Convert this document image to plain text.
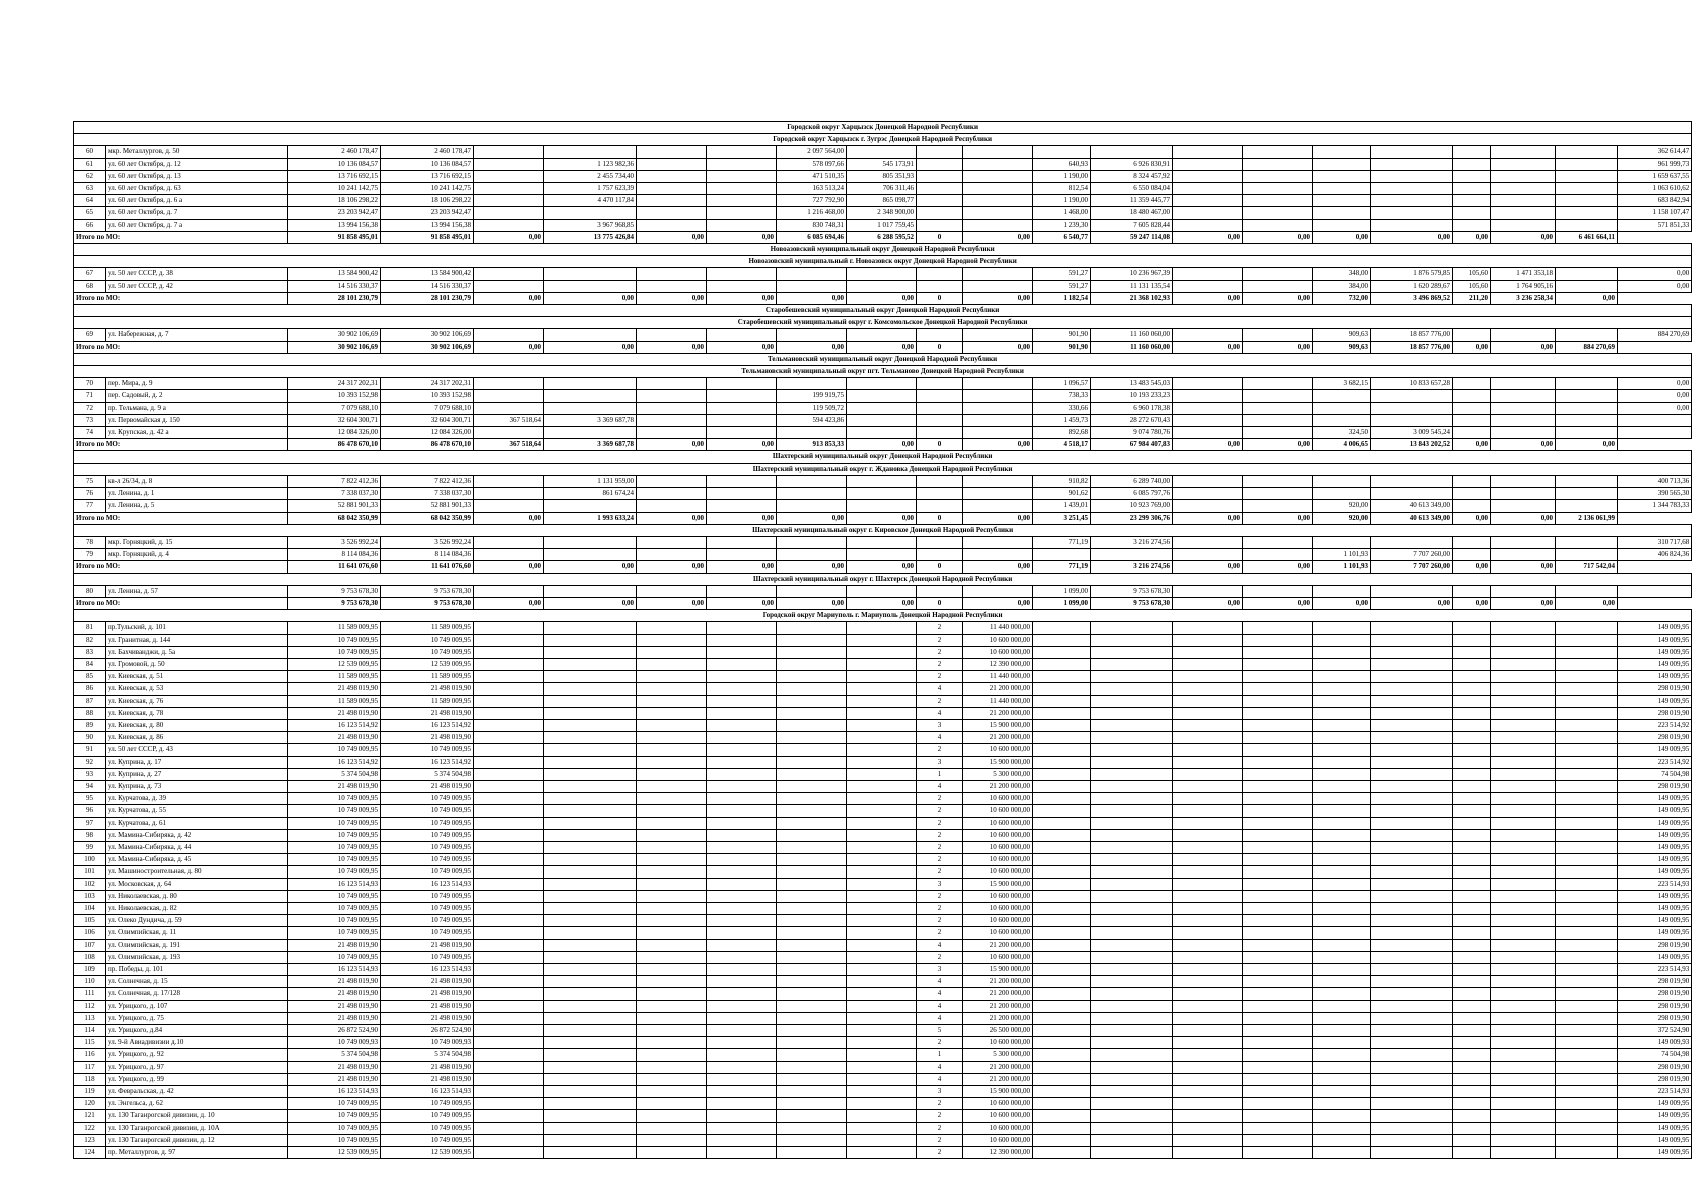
Городской округ Харцызск Донецкой Народной Республики																					
Городской округ Харцызск г. Зугрэс Донецкой Народной Республики																					
60	мкр. Металлургов, д. 50	2 460 178,47	2 460 178,47					2 097 564,00													362 614,47
61	ул. 60 лет Октября, д. 12	10 136 084,57	10 136 084,57		1 123 982,36			578 097,66	545 173,91			640,93	6 926 830,91								961 999,73
62	ул. 60 лет Октября, д. 13	13 716 692,15	13 716 692,15		2 455 734,40			471 510,35	805 351,93			1 190,00	8 324 457,92								1 659 637,55
63	ул. 60 лет Октября, д. 63	10 241 142,75	10 241 142,75		1 757 623,39			163 513,24	706 311,46			812,54	6 550 084,04								1 063 610,62
64	ул. 60 лет Октября, д. 6 а	18 106 298,22	18 106 298,22		4 470 117,84			727 792,90	865 098,77			1 190,00	11 359 445,77								683 842,94
65	ул. 60 лет Октября, д. 7	23 203 942,47	23 203 942,47					1 216 468,00	2 348 900,00			1 468,00	18 480 467,00								1 158 107,47
66	ул. 60 лет Октября, д. 7 а	13 994 156,38	13 994 156,38		3 967 968,85			830 748,31	1 017 759,45			1 239,30	7 605 828,44								571 851,33
Итого по МО:		91 858 495,01	91 858 495,01	0,00	13 775 426,84	0,00	0,00	6 085 694,46	6 288 595,52	0	0,00	6 540,77	59 247 114,08	0,00	0,00	0,00	0,00	0,00	0,00	6 461 664,11	
Новоазовский муниципальный округ Донецкой Народной Республики																					
Новоазовский муниципальный г. Новоазовск округ Донецкой Народной Республики																					
67	ул. 50 лет СССР, д. 38	13 584 900,42	13 584 900,42									591,27	10 236 967,39			348,00	1 876 579,85	105,60	1 471 353,18		0,00
68	ул. 50 лет СССР, д. 42	14 516 330,37	14 516 330,37									591,27	11 131 135,54			384,00	1 620 289,67	105,60	1 764 905,16		0,00
Итого по МО:		28 101 230,79	28 101 230,79	0,00	0,00	0,00	0,00	0,00	0,00	0	0,00	1 182,54	21 368 102,93	0,00	0,00	732,00	3 496 869,52	211,20	3 236 258,34	0,00	
Старобешевский муниципальный округ Донецкой Народной Республики																					
Старобешевский муниципальный округ г. Комсомольское Донецкой Народной Республики																					
69	ул. Набережная, д. 7	30 902 106,69	30 902 106,69									901,90	11 160 060,00			909,63	18 857 776,00				884 270,69
Итого по МО:		30 902 106,69	30 902 106,69	0,00	0,00	0,00	0,00	0,00	0,00	0	0,00	901,90	11 160 060,00	0,00	0,00	909,63	18 857 776,00	0,00	0,00	884 270,69	
Тельмановский муниципальный округ Донецкой Народной Республики																					
Тельмановский муниципальный округ пгт. Тельманово Донецкой Народной Республики																					
70	пер. Мира, д. 9	24 317 202,31	24 317 202,31									1 096,57	13 483 545,03			3 682,15	10 833 657,28				0,00
71	пер. Садовый, д. 2	10 393 152,98	10 393 152,98					199 919,75				738,33	10 193 233,23								0,00
72	пр. Тельмана, д. 9 а	7 079 688,10	7 079 688,10					119 509,72				330,66	6 960 178,38								0,00
73	ул. Первомайская д. 150	32 604 300,71	32 604 300,71	367 518,64	3 369 687,78			594 423,86				1 459,73	28 272 670,43								
74	ул. Крупская, д. 42 а	12 084 326,00	12 084 326,00									892,68	9 074 780,76			324,50	3 009 545,24				
Итого по МО:		86 478 670,10	86 478 670,10	367 518,64	3 369 687,78	0,00	0,00	913 853,33	0,00	0	0,00	4 518,17	67 984 407,83	0,00	0,00	4 006,65	13 843 202,52	0,00	0,00	0,00	
Шахтерский муниципальный округ Донецкой Народной Республики																					
Шахтерский муниципальный округ г. Ждановка Донецкой Народной Республики																					
75	кв-л 26/34, д. 8	7 822 412,36	7 822 412,36		1 131 959,00							910,82	6 289 740,00								400 713,36
76	ул. Ленина, д. 1	7 338 037,30	7 338 037,30		861 674,24							901,62	6 085 797,76								390 565,30
77	ул. Ленина, д. 5	52 881 901,33	52 881 901,33									1 439,01	10 923 769,00			920,00	40 613 349,00				1 344 783,33
Итого по МО:		68 042 350,99	68 042 350,99	0,00	1 993 633,24	0,00	0,00	0,00	0,00	0	0,00	3 251,45	23 299 306,76	0,00	0,00	920,00	40 613 349,00	0,00	0,00	2 136 061,99	
Шахтерский муниципальный округ г. Кировское Донецкой Народной Республики																					
78	мкр. Горняцкий, д. 15	3 526 992,24	3 526 992,24									771,19	3 216 274,56								310 717,68
79	мкр. Горняцкий, д. 4	8 114 084,36	8 114 084,36													1 101,93	7 707 260,00				406 824,36
Итого по МО:		11 641 076,60	11 641 076,60	0,00	0,00	0,00	0,00	0,00	0,00	0	0,00	771,19	3 216 274,56	0,00	0,00	1 101,93	7 707 260,00	0,00	0,00	717 542,04	
Шахтерский муниципальный округ г. Шахтерск Донецкой Народной Республики																					
80	ул. Ленина, д. 57	9 753 678,30	9 753 678,30									1 099,00	9 753 678,30								
Итого по МО:		9 753 678,30	9 753 678,30	0,00	0,00	0,00	0,00	0,00	0,00	0	0,00	1 099,00	9 753 678,30	0,00	0,00	0,00	0,00	0,00	0,00	0,00	
Городской округ Мариуполь г. Мариуполь Донецкой Народной Республики																					
81	пр.Тульский, д. 101	11 589 009,95	11 589 009,95							2	11 440 000,00										149 009,95
82	ул. Гранитная, д. 144	10 749 009,95	10 749 009,95							2	10 600 000,00										149 009,95
83	ул. Бахчиванджи, д. 5а	10 749 009,95	10 749 009,95							2	10 600 000,00										149 009,95
84	ул. Громовой, д. 50	12 539 009,95	12 539 009,95							2	12 390 000,00										149 009,95
85	ул. Киевская, д. 51	11 589 009,95	11 589 009,95							2	11 440 000,00										149 009,95
86	ул. Киевская, д. 53	21 498 019,90	21 498 019,90							4	21 200 000,00										298 019,90
87	ул. Киевская, д. 76	11 589 009,95	11 589 009,95							2	11 440 000,00										149 009,95
88	ул. Киевская, д. 78	21 498 019,90	21 498 019,90							4	21 200 000,00										298 019,90
89	ул. Киевская, д. 80	16 123 514,92	16 123 514,92							3	15 900 000,00										223 514,92
90	ул. Киевская, д. 86	21 498 019,90	21 498 019,90							4	21 200 000,00										298 019,90
91	ул. 50 лет СССР, д. 43	10 749 009,95	10 749 009,95							2	10 600 000,00										149 009,95
92	ул. Куприна, д. 17	16 123 514,92	16 123 514,92							3	15 900 000,00										223 514,92
93	ул. Куприна, д. 27	5 374 504,98	5 374 504,98							1	5 300 000,00										74 504,98
94	ул. Куприна, д. 73	21 498 019,90	21 498 019,90							4	21 200 000,00										298 019,90
95	ул. Курчатова, д. 39	10 749 009,95	10 749 009,95							2	10 600 000,00										149 009,95
96	ул. Курчатова, д. 55	10 749 009,95	10 749 009,95							2	10 600 000,00										149 009,95
97	ул. Курчатова, д. 61	10 749 009,95	10 749 009,95							2	10 600 000,00										149 009,95
98	ул. Мамина-Сибиряка, д. 42	10 749 009,95	10 749 009,95							2	10 600 000,00										149 009,95
99	ул. Мамина-Сибиряка, д. 44	10 749 009,95	10 749 009,95							2	10 600 000,00										149 009,95
100	ул. Мамина-Сибиряка, д. 45	10 749 009,95	10 749 009,95							2	10 600 000,00										149 009,95
101	ул. Машиностроительная, д. 80	10 749 009,95	10 749 009,95							2	10 600 000,00										149 009,95
102	ул. Московская, д. 64	16 123 514,93	16 123 514,93							3	15 900 000,00										223 514,93
103	ул. Николаевская, д. 80	10 749 009,95	10 749 009,95							2	10 600 000,00										149 009,95
104	ул. Николаевская, д. 82	10 749 009,95	10 749 009,95							2	10 600 000,00										149 009,95
105	ул. Олеко Дундича, д. 59	10 749 009,95	10 749 009,95							2	10 600 000,00										149 009,95
106	ул. Олимпийская, д. 11	10 749 009,95	10 749 009,95							2	10 600 000,00										149 009,95
107	ул. Олимпийская, д. 191	21 498 019,90	21 498 019,90							4	21 200 000,00										298 019,90
108	ул. Олимпийская, д. 193	10 749 009,95	10 749 009,95							2	10 600 000,00										149 009,95
109	пр. Победы, д. 101	16 123 514,93	16 123 514,93							3	15 900 000,00										223 514,93
110	ул. Солнечная, д. 15	21 498 019,90	21 498 019,90							4	21 200 000,00										298 019,90
111	ул. Солнечная, д. 17/128	21 498 019,90	21 498 019,90							4	21 200 000,00										298 019,90
112	ул. Урицкого, д. 107	21 498 019,90	21 498 019,90							4	21 200 000,00										298 019,90
113	ул. Урицкого, д. 75	21 498 019,90	21 498 019,90							4	21 200 000,00										298 019,90
114	ул. Урицкого, д.84	26 872 524,90	26 872 524,90							5	26 500 000,00										372 524,90
115	ул. 9-й Авиадивизии д.10	10 749 009,93	10 749 009,93							2	10 600 000,00										149 009,93
116	ул. Урицкого, д. 92	5 374 504,98	5 374 504,98							1	5 300 000,00										74 504,98
117	ул. Урицкого, д. 97	21 498 019,90	21 498 019,90							4	21 200 000,00										298 019,90
118	ул. Урицкого, д. 99	21 498 019,90	21 498 019,90							4	21 200 000,00										298 019,90
119	ул. Февральская, д. 42	16 123 514,93	16 123 514,93							3	15 900 000,00										223 514,93
120	ул. Энгельса, д. 62	10 749 009,95	10 749 009,95							2	10 600 000,00										149 009,95
121	ул. 130 Таганрогской дивизии, д. 10	10 749 009,95	10 749 009,95							2	10 600 000,00										149 009,95
122	ул. 130 Таганрогской дивизии, д. 10А	10 749 009,95	10 749 009,95							2	10 600 000,00										149 009,95
123	ул. 130 Таганрогской дивизии, д. 12	10 749 009,95	10 749 009,95							2	10 600 000,00										149 009,95
124	пр. Металлургов, д. 97	12 539 009,95	12 539 009,95							2	12 390 000,00										149 009,95
